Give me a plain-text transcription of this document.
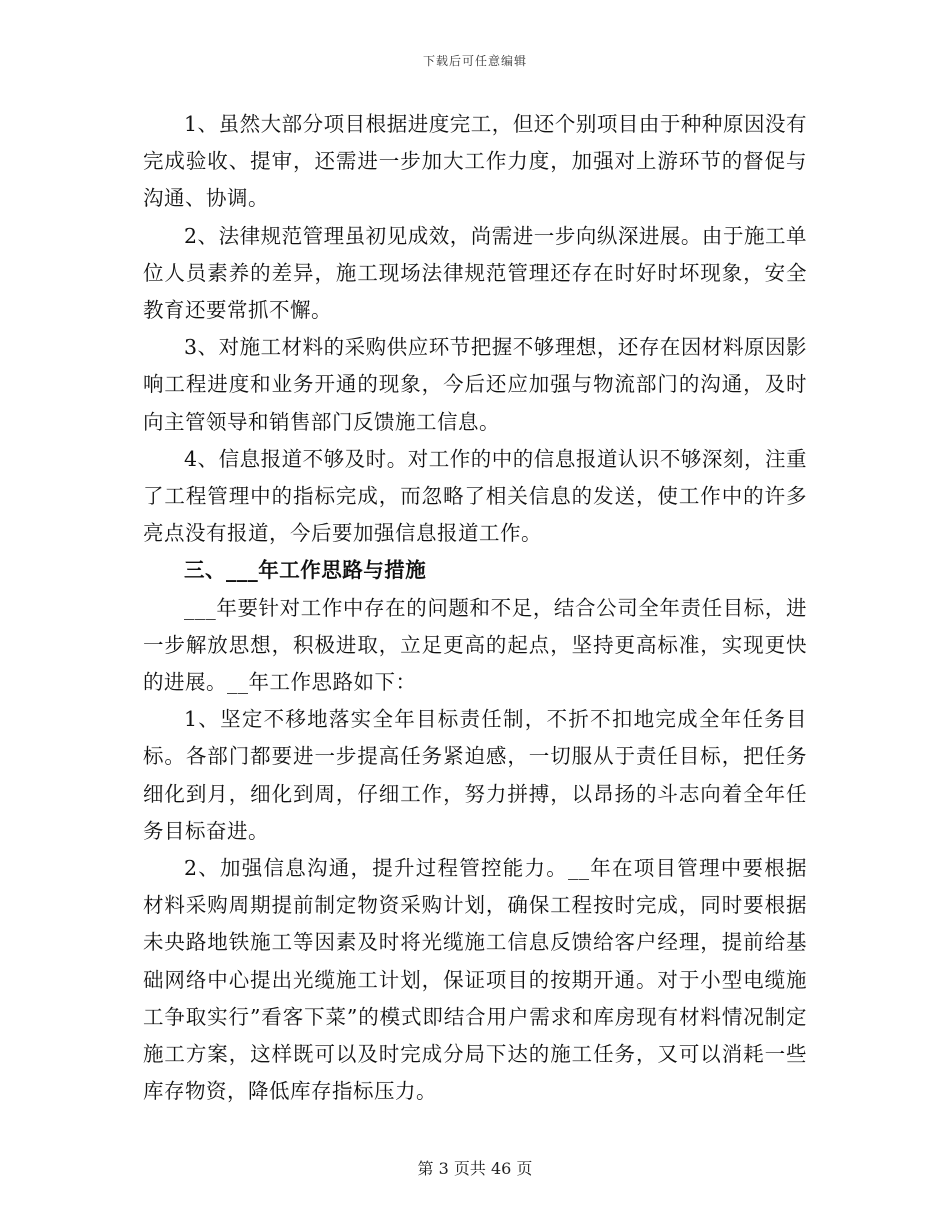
下载后可任意编辑

1、虽然大部分项目根据进度完工，但还个别项目由于种种原因没有完成验收、提审，还需进一步加大工作力度，加强对上游环节的督促与沟通、协调。

2、法律规范管理虽初见成效，尚需进一步向纵深进展。由于施工单位人员素养的差异，施工现场法律规范管理还存在时好时坏现象，安全教育还要常抓不懈。

3、对施工材料的采购供应环节把握不够理想，还存在因材料原因影响工程进度和业务开通的现象，今后还应加强与物流部门的沟通，及时向主管领导和销售部门反馈施工信息。

4、信息报道不够及时。对工作的中的信息报道认识不够深刻，注重了工程管理中的指标完成，而忽略了相关信息的发送，使工作中的许多亮点没有报道，今后要加强信息报道工作。

三、___年工作思路与措施

___年要针对工作中存在的问题和不足，结合公司全年责任目标，进一步解放思想，积极进取，立足更高的起点，坚持更高标准，实现更快的进展。__年工作思路如下：

1、坚定不移地落实全年目标责任制，不折不扣地完成全年任务目标。各部门都要进一步提高任务紧迫感，一切服从于责任目标，把任务细化到月，细化到周，仔细工作，努力拼搏，以昂扬的斗志向着全年任务目标奋进。

2、加强信息沟通，提升过程管控能力。__年在项目管理中要根据材料采购周期提前制定物资采购计划，确保工程按时完成，同时要根据未央路地铁施工等因素及时将光缆施工信息反馈给客户经理，提前给基础网络中心提出光缆施工计划，保证项目的按期开通。对于小型电缆施工争取实行”看客下菜”的模式即结合用户需求和库房现有材料情况制定施工方案，这样既可以及时完成分局下达的施工任务，又可以消耗一些库存物资，降低库存指标压力。

第 3 页共 46 页
